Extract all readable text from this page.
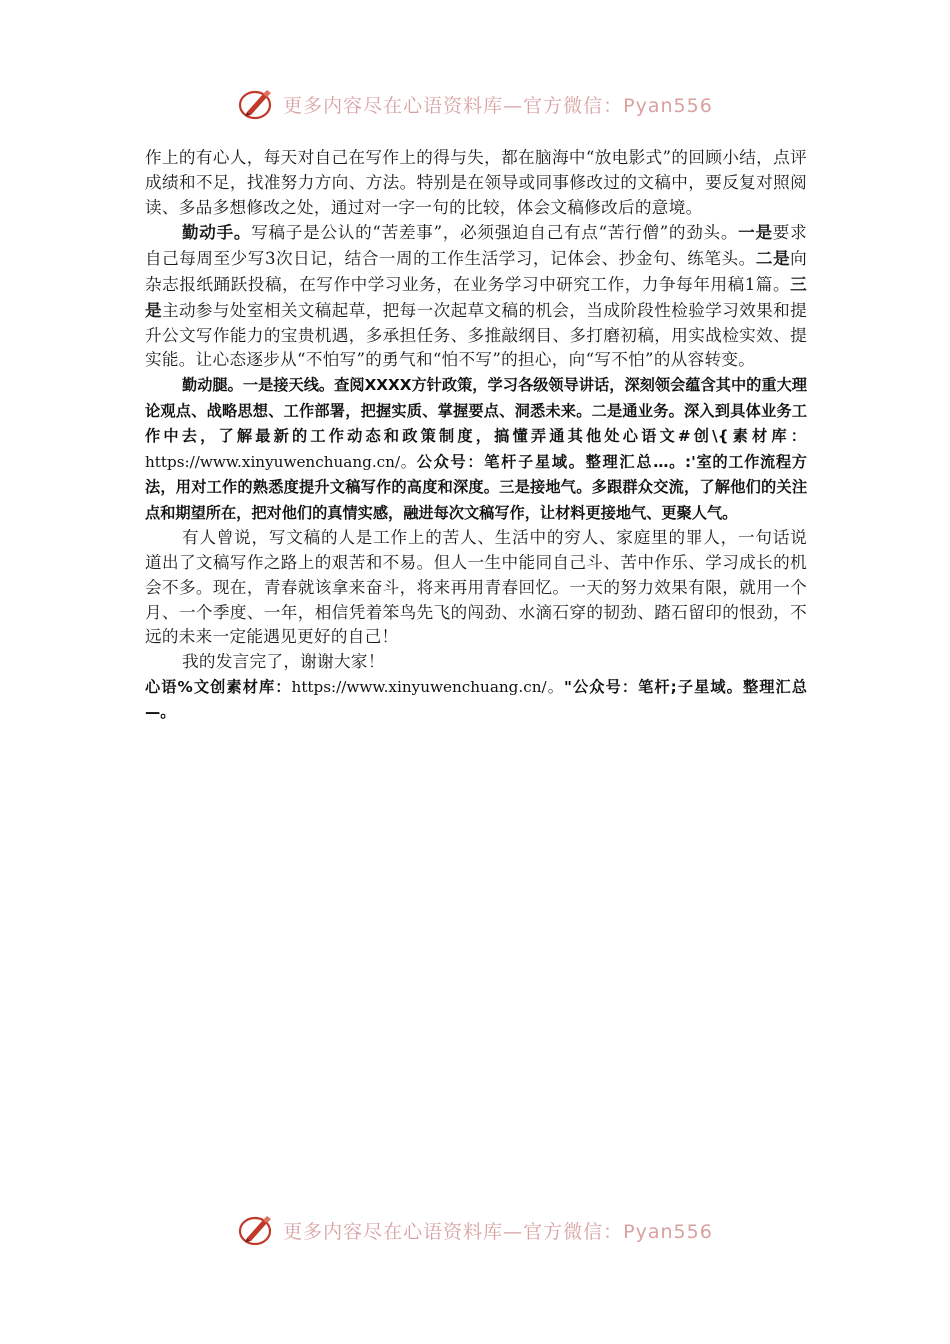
更多内容尽在心语资料库—官方微信：Pyan556

作上的有心人，每天对自己在写作上的得与失，都在脑海中“放电影式”的回顾小结，点评成绩和不足，找准努力方向、方法。特别是在领导或同事修改过的文稿中，要反复对照阅读、多品多想修改之处，通过对一字一句的比较，体会文稿修改后的意境。

勤动手。写稿子是公认的“苦差事”，必须强迫自己有点“苦行僧”的劲头。一是要求自己每周至少写3次日记，结合一周的工作生活学习，记体会、抄金句、练笔头。二是向杂志报纸踊跃投稿，在写作中学习业务，在业务学习中研究工作，力争每年用稿1篇。三是主动参与处室相关文稿起草，把每一次起草文稿的机会，当成阶段性检验学习效果和提升公文写作能力的宝贵机遇，多承担任务、多推敲纲目、多打磨初稿，用实战检实效、提实能。让心态逐步从“不怕写”的勇气和“怕不写”的担心，向“写不怕”的从容转变。

勤动腿。一是接天线。查阅XXXX方针政策，学习各级领导讲话，深刻领会蕴含其中的重大理论观点、战略思想、工作部署，把握实质、掌握要点、洞悉未来。二是通业务。深入到具体业务工作中去，了解最新的工作动态和政策制度，搞懂弄通其他处心语文#创\{素材库：https://www.xinyuwenchuang.cn/。公众号：笔杆子星域。整理汇总…。:'室的工作流程方法，用对工作的熟悉度提升文稿写作的高度和深度。三是接地气。多跟群众交流，了解他们的关注点和期望所在，把对他们的真情实感，融进每次文稿写作，让材料更接地气、更聚人气。

有人曾说，写文稿的人是工作上的苦人、生活中的穷人、家庭里的罪人，一句话说道出了文稿写作之路上的艰苦和不易。但人一生中能同自己斗、苦中作乐、学习成长的机会不多。现在，青春就该拿来奋斗，将来再用青春回忆。一天的努力效果有限，就用一个月、一个季度、一年，相信凭着笨鸟先飞的闯劲、水滴石穿的韧劲、踏石留印的恨劲，不远的未来一定能遇见更好的自己！

我的发言完了，谢谢大家！

心语%文创素材库：https://www.xinyuwenchuang.cn/。"公众号：笔杆;子星域。整理汇总—。

更多内容尽在心语资料库—官方微信：Pyan556
